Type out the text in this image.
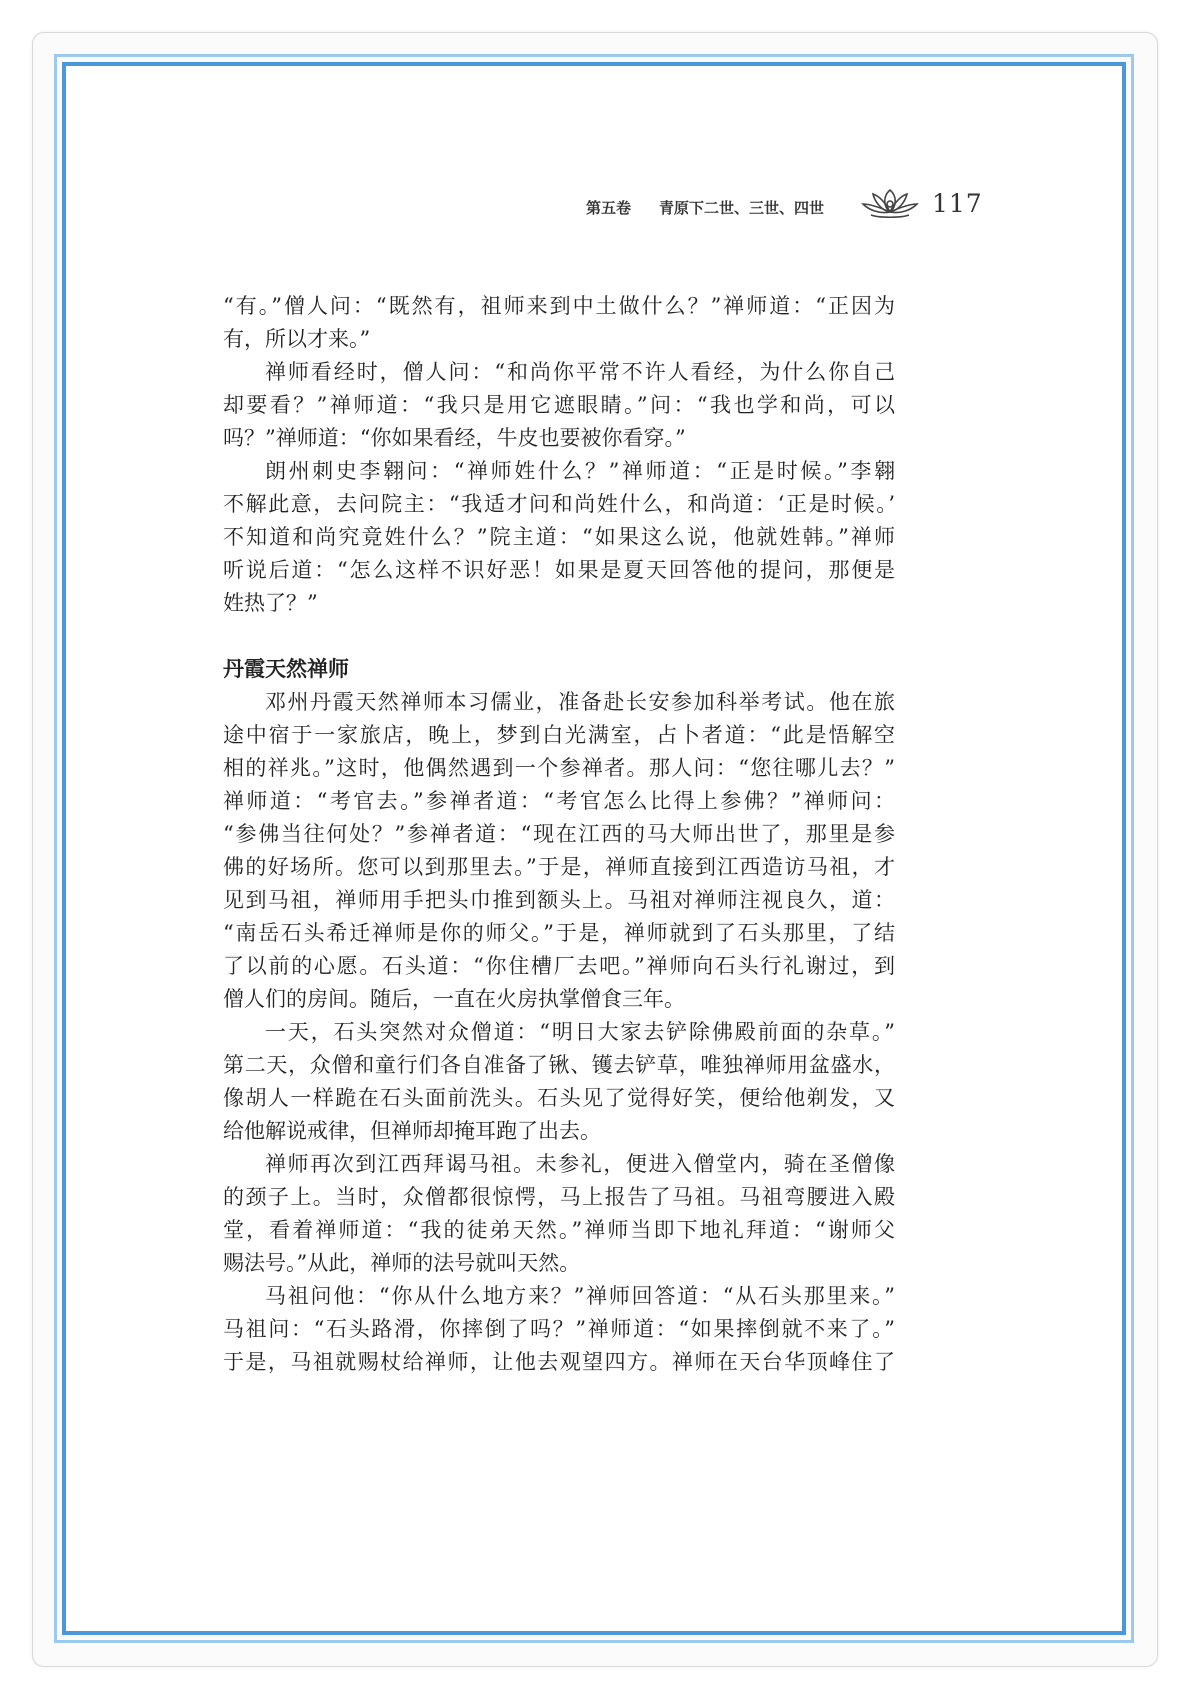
第五卷 青原下二世、三世、四世	117
“有。”僧人问：“既然有，祖师来到中土做什么？”禅师道：“正因为
有，所以才来。”
禅师看经时，僧人问：“和尚你平常不许人看经，为什么你自己
却要看？”禅师道：“我只是用它遮眼睛。”问：“我也学和尚，可以
吗？”禅师道：“你如果看经，牛皮也要被你看穿。”
朗州刺史李翱问：“禅师姓什么？”禅师道：“正是时候。”李翱
不解此意，去问院主：“我适才问和尚姓什么，和尚道：‘正是时候。’
不知道和尚究竟姓什么？”院主道：“如果这么说，他就姓韩。”禅师
听说后道：“怎么这样不识好恶！如果是夏天回答他的提问，那便是
姓热了？”
丹霞天然禅师
邓州丹霞天然禅师本习儒业，准备赴长安参加科举考试。他在旅
途中宿于一家旅店，晚上，梦到白光满室，占卜者道：“此是悟解空
相的祥兆。”这时，他偶然遇到一个参禅者。那人问：“您往哪儿去？”
禅师道：“考官去。”参禅者道：“考官怎么比得上参佛？”禅师问：
“参佛当往何处？”参禅者道：“现在江西的马大师出世了，那里是参
佛的好场所。您可以到那里去。”于是，禅师直接到江西造访马祖，才
见到马祖，禅师用手把头巾推到额头上。马祖对禅师注视良久，道：
“南岳石头希迁禅师是你的师父。”于是，禅师就到了石头那里，了结
了以前的心愿。石头道：“你住槽厂去吧。”禅师向石头行礼谢过，到
僧人们的房间。随后，一直在火房执掌僧食三年。
一天，石头突然对众僧道：“明日大家去铲除佛殿前面的杂草。”
第二天，众僧和童行们各自准备了锹、镬去铲草，唯独禅师用盆盛水，
像胡人一样跪在石头面前洗头。石头见了觉得好笑，便给他剃发，又
给他解说戒律，但禅师却掩耳跑了出去。
禅师再次到江西拜谒马祖。未参礼，便进入僧堂内，骑在圣僧像
的颈子上。当时，众僧都很惊愕，马上报告了马祖。马祖弯腰进入殿
堂，看着禅师道：“我的徒弟天然。”禅师当即下地礼拜道：“谢师父
赐法号。”从此，禅师的法号就叫天然。
马祖问他：“你从什么地方来？”禅师回答道：“从石头那里来。”
马祖问：“石头路滑，你摔倒了吗？”禅师道：“如果摔倒就不来了。”
于是，马祖就赐杖给禅师，让他去观望四方。禅师在天台华顶峰住了
